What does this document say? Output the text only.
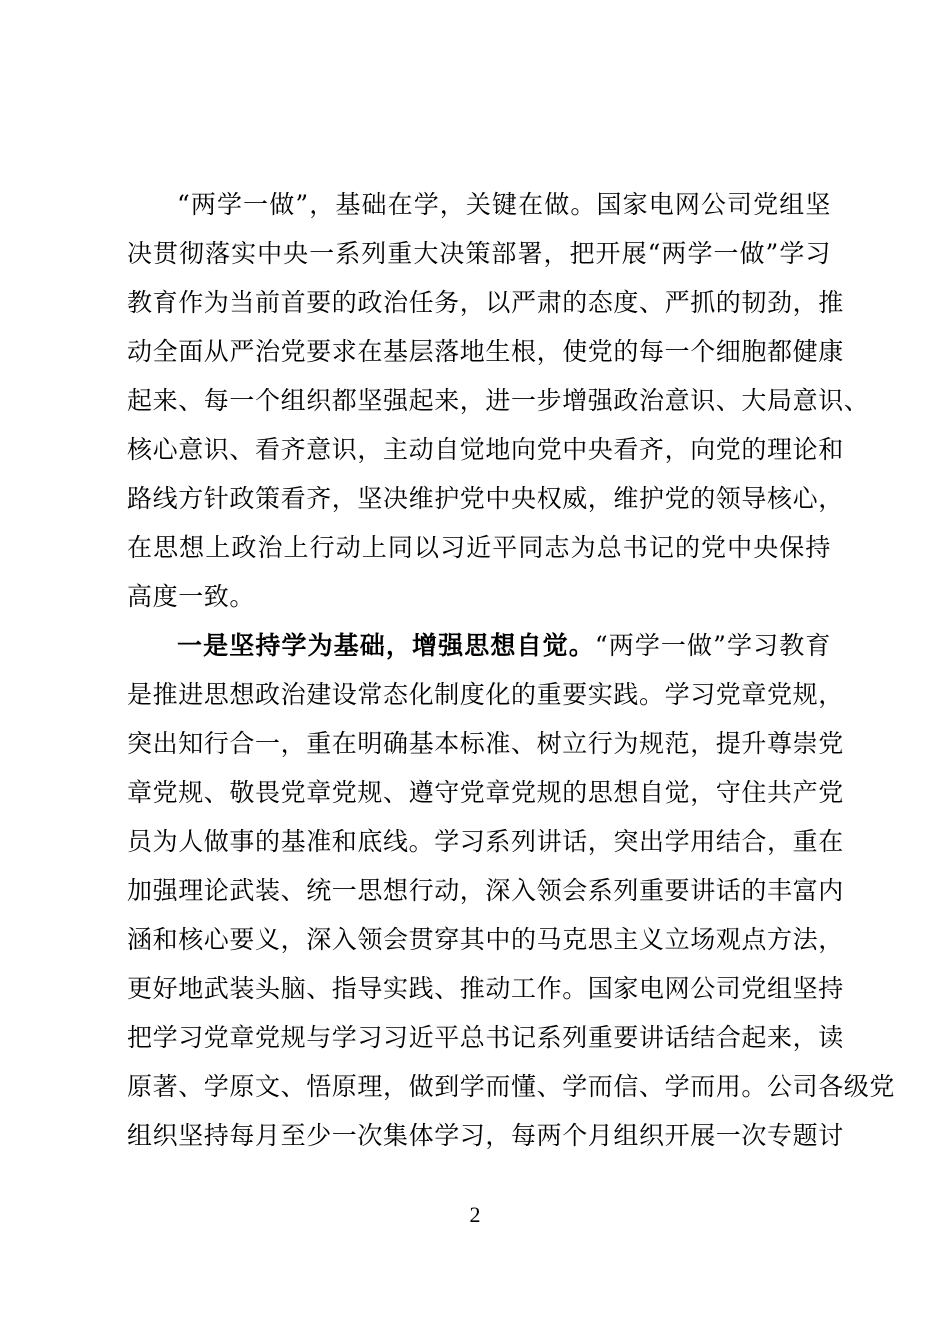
“两学一做”，基础在学，关键在做。国家电网公司党组坚
决贯彻落实中央一系列重大决策部署，把开展“两学一做”学习
教育作为当前首要的政治任务，以严肃的态度、严抓的韧劲，推
动全面从严治党要求在基层落地生根，使党的每一个细胞都健康
起来、每一个组织都坚强起来，进一步增强政治意识、大局意识、
核心意识、看齐意识，主动自觉地向党中央看齐，向党的理论和
路线方针政策看齐，坚决维护党中央权威，维护党的领导核心，
在思想上政治上行动上同以习近平同志为总书记的党中央保持
高度一致。
一是坚持学为基础，增强思想自觉。“两学一做”学习教育
是推进思想政治建设常态化制度化的重要实践。学习党章党规，
突出知行合一，重在明确基本标准、树立行为规范，提升尊崇党
章党规、敬畏党章党规、遵守党章党规的思想自觉，守住共产党
员为人做事的基准和底线。学习系列讲话，突出学用结合，重在
加强理论武装、统一思想行动，深入领会系列重要讲话的丰富内
涵和核心要义，深入领会贯穿其中的马克思主义立场观点方法，
更好地武装头脑、指导实践、推动工作。国家电网公司党组坚持
把学习党章党规与学习习近平总书记系列重要讲话结合起来，读
原著、学原文、悟原理，做到学而懂、学而信、学而用。公司各级党
组织坚持每月至少一次集体学习，每两个月组织开展一次专题讨
2
